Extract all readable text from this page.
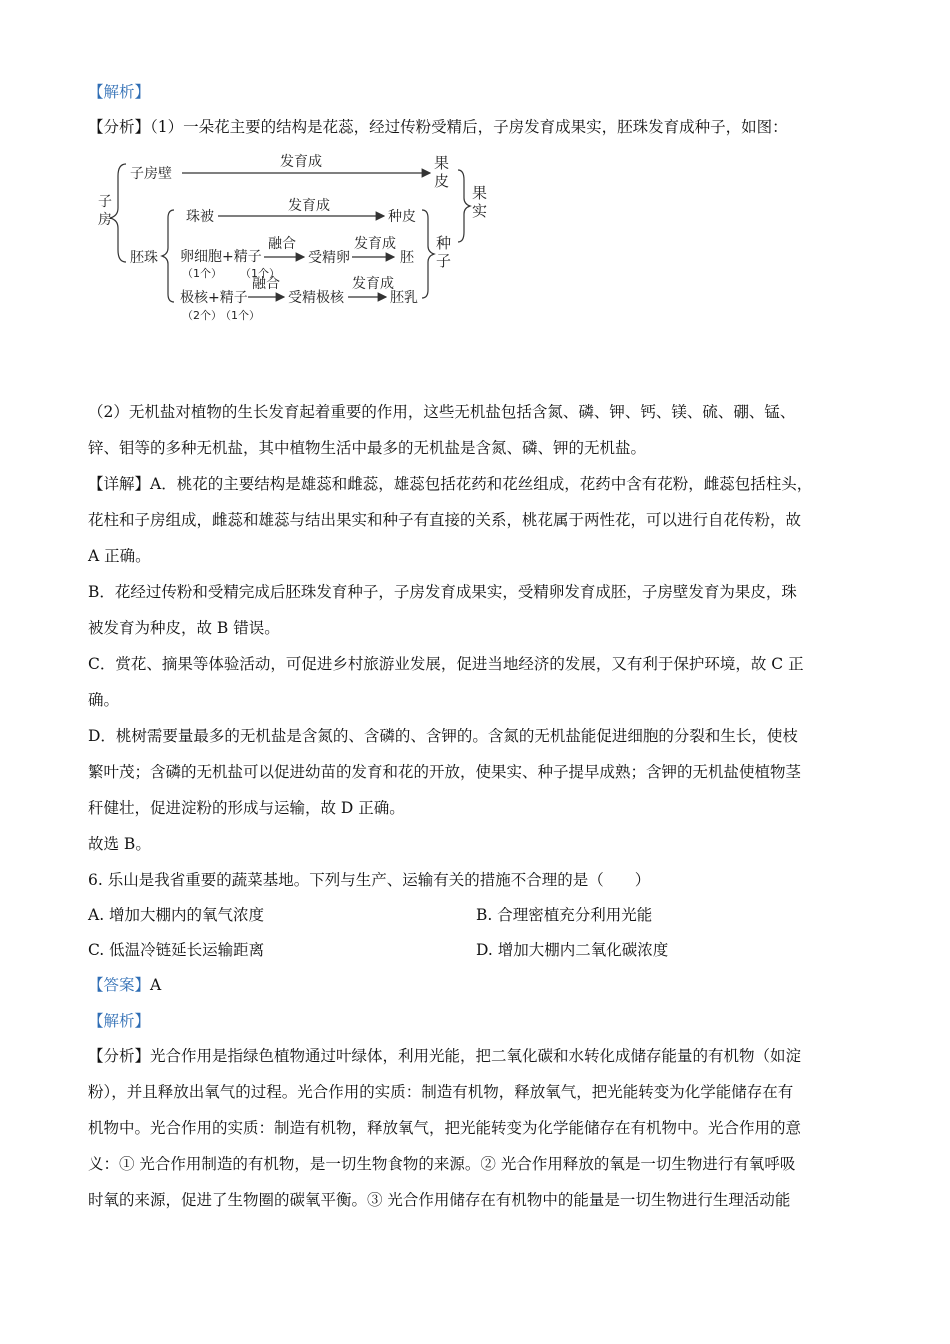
【解析】
【分析】（1）一朵花主要的结构是花蕊，经过传粉受精后，子房发育成果实，胚珠发育成种子，如图：
子房
子房壁
发育成	果皮
果实
胚珠
珠被
发育成
种皮
种子
卵细胞+精子
（1个） （1个）
融合
受精卵
发育成
胚
极核+精子
（2个）
（1个）
融合
受精极核
发育成
胚乳
（2）无机盐对植物的生长发育起着重要的作用，这些无机盐包括含氮、磷、钾、钙、镁、硫、硼、锰、
锌、钼等的多种无机盐，其中植物生活中最多的无机盐是含氮、磷、钾的无机盐。
【详解】A．桃花的主要结构是雄蕊和雌蕊，雄蕊包括花药和花丝组成，花药中含有花粉，雌蕊包括柱头，
花柱和子房组成，雌蕊和雄蕊与结出果实和种子有直接的关系，桃花属于两性花，可以进行自花传粉，故
A 正确。
B．花经过传粉和受精完成后胚珠发育种子，子房发育成果实，受精卵发育成胚，子房壁发育为果皮，珠
被发育为种皮，故 B 错误。
C．赏花、摘果等体验活动，可促进乡村旅游业发展，促进当地经济的发展，又有利于保护环境，故 C 正
确。
D．桃树需要量最多的无机盐是含氮的、含磷的、含钾的。含氮的无机盐能促进细胞的分裂和生长，使枝
繁叶茂；含磷的无机盐可以促进幼苗的发育和花的开放，使果实、种子提早成熟；含钾的无机盐使植物茎
秆健壮，促进淀粉的形成与运输，故 D 正确。
故选 B。
6. 乐山是我省重要的蔬菜基地。下列与生产、运输有关的措施不合理的是（　　）
A. 增加大棚内的氧气浓度	B. 合理密植充分利用光能
C. 低温冷链延长运输距离	D. 增加大棚内二氧化碳浓度
【答案】A
【解析】
【分析】光合作用是指绿色植物通过叶绿体，利用光能，把二氧化碳和水转化成储存能量的有机物（如淀
粉），并且释放出氧气的过程。光合作用的实质：制造有机物，释放氧气，把光能转变为化学能储存在有
机物中。光合作用的实质：制造有机物，释放氧气，把光能转变为化学能储存在有机物中。光合作用的意
义：① 光合作用制造的有机物，是一切生物食物的来源。② 光合作用释放的氧是一切生物进行有氧呼吸
时氧的来源，促进了生物圈的碳氧平衡。③ 光合作用储存在有机物中的能量是一切生物进行生理活动能
